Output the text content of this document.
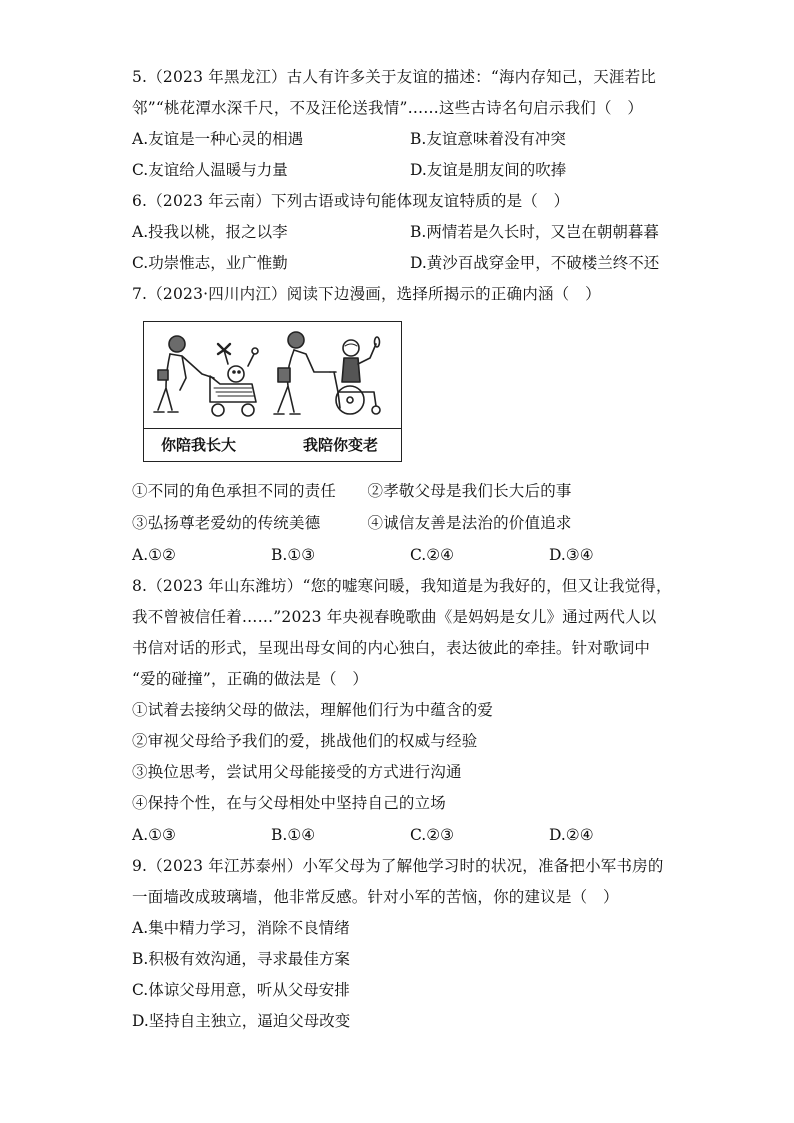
5.（2023 年黑龙江）古人有许多关于友谊的描述：“海内存知己，天涯若比
邻”“桃花潭水深千尺，不及汪伦送我情”……这些古诗名句启示我们（　）
A.友谊是一种心灵的相遇	B.友谊意味着没有冲突
C.友谊给人温暖与力量	D.友谊是朋友间的吹捧
6.（2023 年云南）下列古语或诗句能体现友谊特质的是（　）
A.投我以桃，报之以李	B.两情若是久长时，又岂在朝朝暮暮
C.功崇惟志，业广惟勤	D.黄沙百战穿金甲，不破楼兰终不还
7.（2023·四川内江）阅读下边漫画，选择所揭示的正确内涵（　）
你陪我长大	我陪你变老
①不同的角色承担不同的责任　　②孝敬父母是我们长大后的事
③弘扬尊老爱幼的传统美德　　　④诚信友善是法治的价值追求
A.①②	B.①③	C.②④	D.③④
8.（2023 年山东潍坊）“您的嘘寒问暖，我知道是为我好的，但又让我觉得，
我不曾被信任着……”2023 年央视春晚歌曲《是妈妈是女儿》通过两代人以
书信对话的形式，呈现出母女间的内心独白，表达彼此的牵挂。针对歌词中
“爱的碰撞”，正确的做法是（　）
①试着去接纳父母的做法，理解他们行为中蕴含的爱
②审视父母给予我们的爱，挑战他们的权威与经验
③换位思考，尝试用父母能接受的方式进行沟通
④保持个性，在与父母相处中坚持自己的立场
A.①③	B.①④	C.②③	D.②④
9.（2023 年江苏泰州）小军父母为了解他学习时的状况，准备把小军书房的
一面墙改成玻璃墙，他非常反感。针对小军的苦恼，你的建议是（　）
A.集中精力学习，消除不良情绪
B.积极有效沟通，寻求最佳方案
C.体谅父母用意，听从父母安排
D.坚持自主独立，逼迫父母改变
